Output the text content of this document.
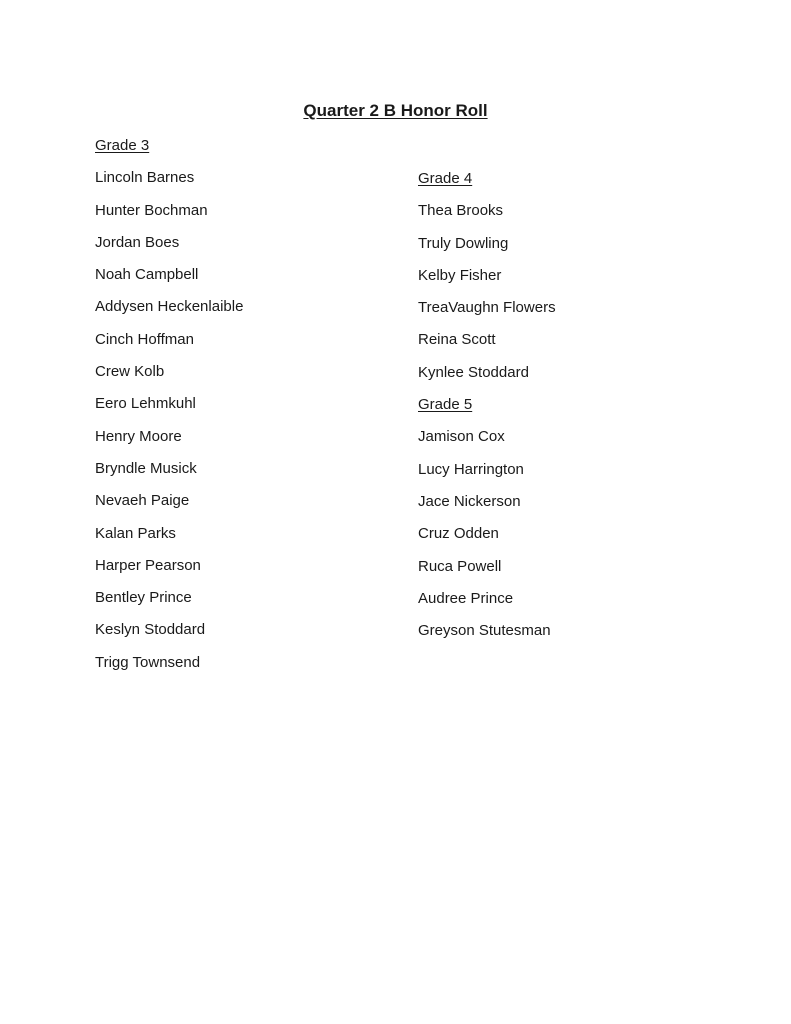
Quarter 2 B Honor Roll
Grade 3
Lincoln Barnes
Hunter Bochman
Jordan Boes
Noah Campbell
Addysen Heckenlaible
Cinch Hoffman
Crew Kolb
Eero Lehmkuhl
Henry Moore
Bryndle Musick
Nevaeh Paige
Kalan Parks
Harper Pearson
Bentley Prince
Keslyn Stoddard
Trigg Townsend
Grade 4
Thea Brooks
Truly Dowling
Kelby Fisher
TreaVaughn Flowers
Reina Scott
Kynlee Stoddard
Grade 5
Jamison Cox
Lucy Harrington
Jace Nickerson
Cruz Odden
Ruca Powell
Audree Prince
Greyson Stutesman
